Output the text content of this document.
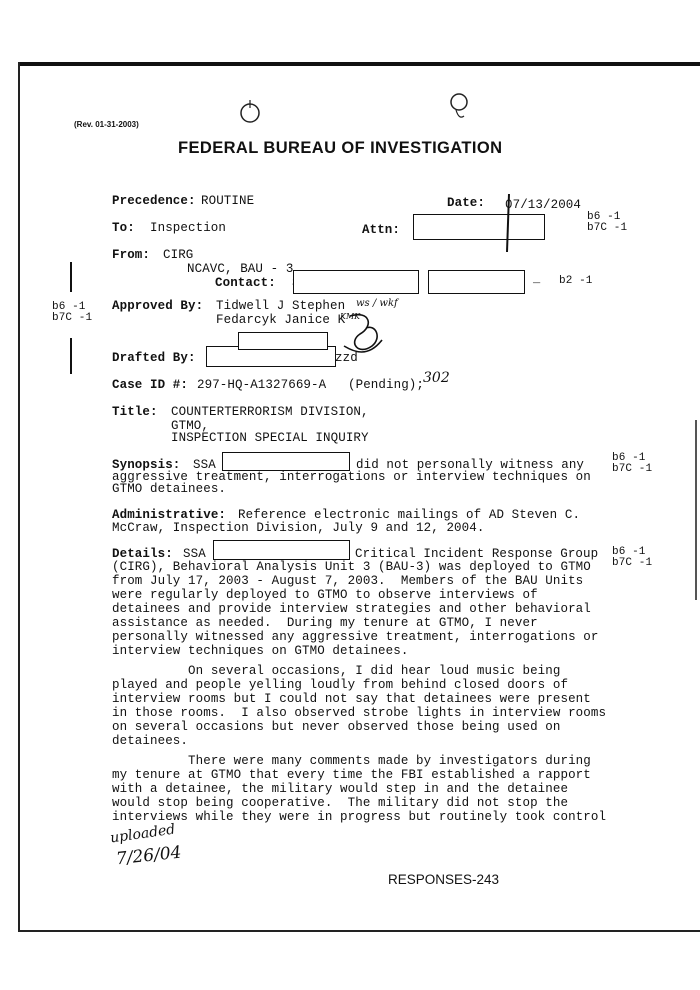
(Rev. 01-31-2003)
FEDERAL BUREAU OF INVESTIGATION
Precedence: ROUTINE	Date: 07/13/2004
b6 -1
b7C -1
To: Inspection	Attn:
From: CIRG
NCAVC, BAU - 3
Contact:	_ b2 -1
b6 -1
b7C -1
Approved By: Tidwell J Stephen
Fedarcyk Janice K
ws / wkf
KMK
Drafted By:	zzd
Case ID #: 297-HQ-A1327669-A (Pending);
302
Title: COUNTERTERRORISM DIVISION,
GTMO,
INSPECTION SPECIAL INQUIRY
Synopsis: SSA	did not personally witness any
aggressive treatment, interrogations or interview techniques on
GTMO detainees.
b6 -1
b7C -1
Administrative: Reference electronic mailings of AD Steven C.
McCraw, Inspection Division, July 9 and 12, 2004.
Details: SSA	Critical Incident Response Group b6 -1
b7C -1
(CIRG), Behavioral Analysis Unit 3 (BAU-3) was deployed to GTMO
from July 17, 2003 - August 7, 2003.  Members of the BAU Units
were regularly deployed to GTMO to observe interviews of
detainees and provide interview strategies and other behavioral
assistance as needed.  During my tenure at GTMO, I never
personally witnessed any aggressive treatment, interrogations or
interview techniques on GTMO detainees.
On several occasions, I did hear loud music being
played and people yelling loudly from behind closed doors of
interview rooms but I could not say that detainees were present
in those rooms.  I also observed strobe lights in interview rooms
on several occasions but never observed those being used on
detainees.
There were many comments made by investigators during
my tenure at GTMO that every time the FBI established a rapport
with a detainee, the military would step in and the detainee
would stop being cooperative.  The military did not stop the
interviews while they were in progress but routinely took control
uploaded
7/26/04
RESPONSES-243
